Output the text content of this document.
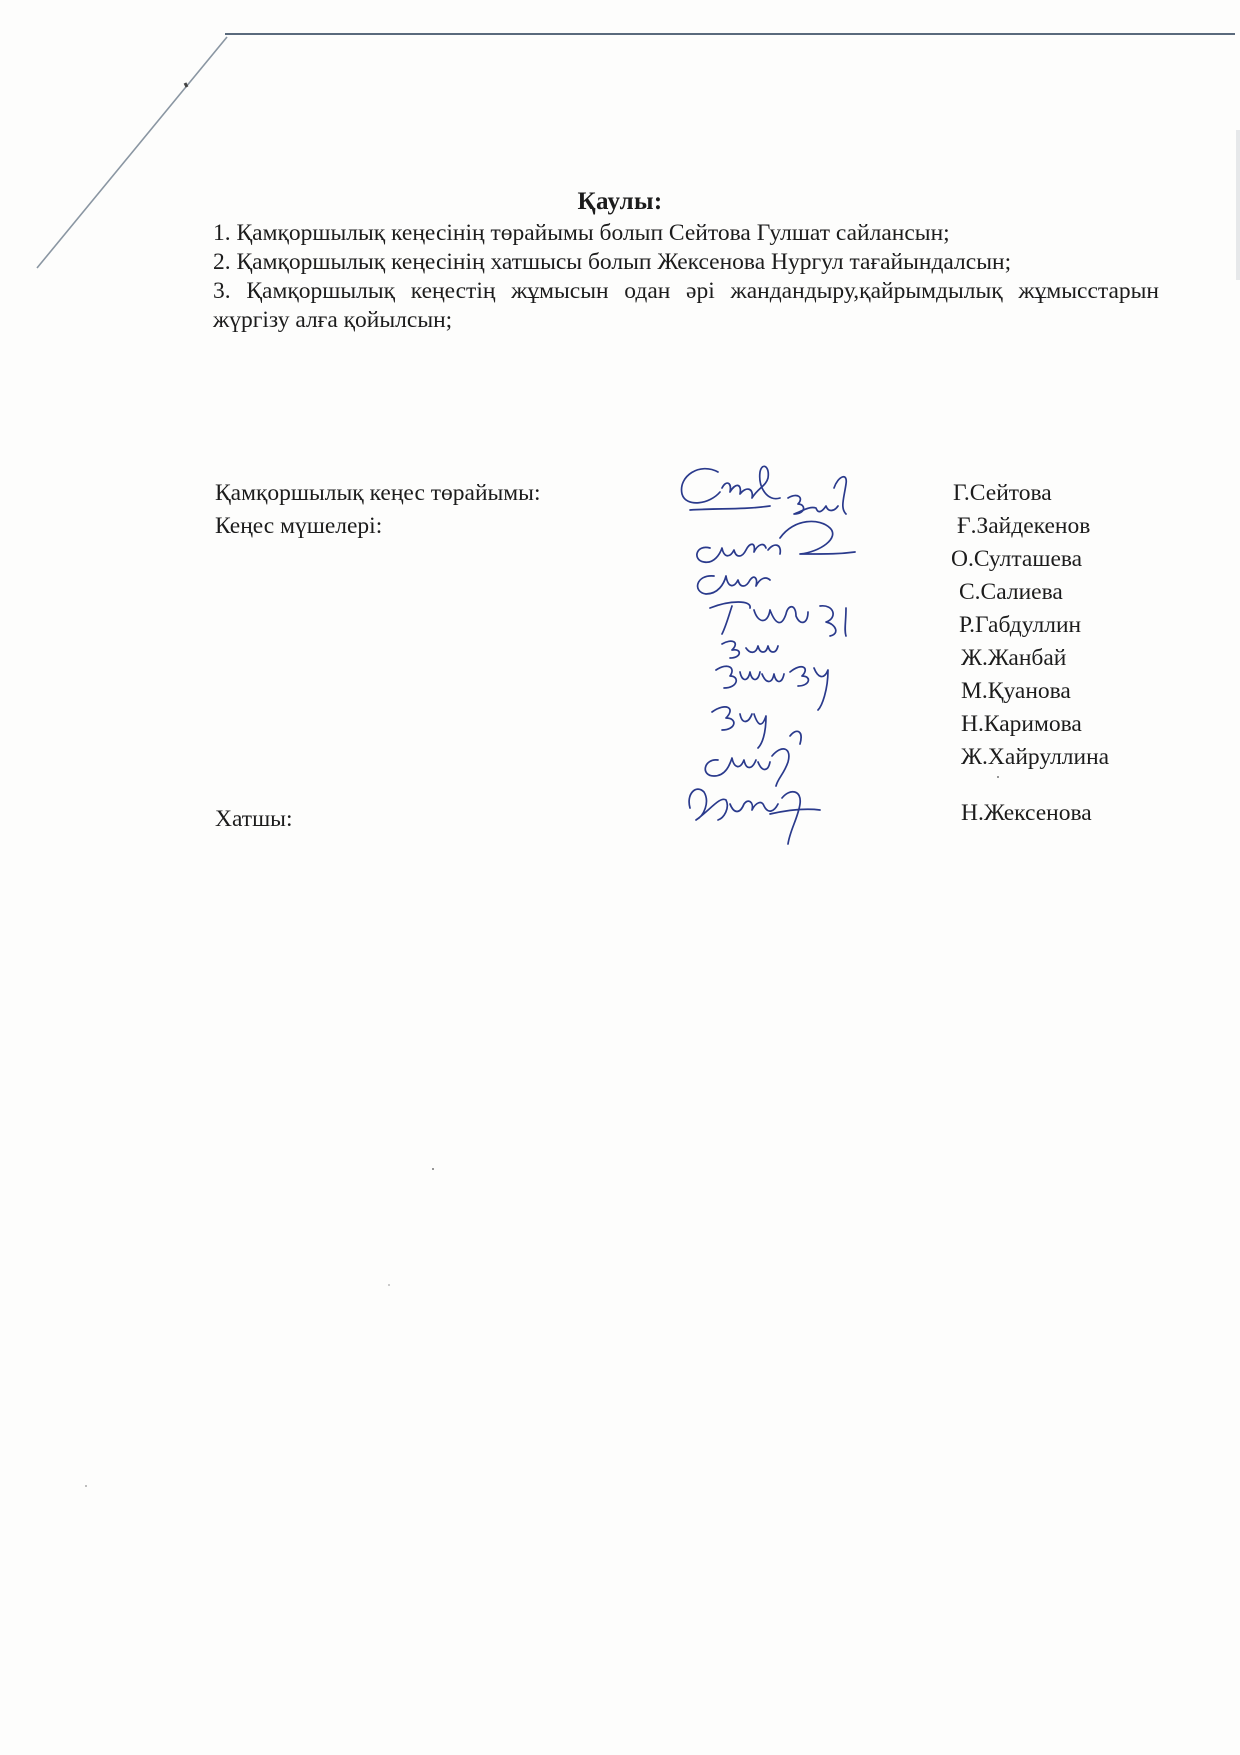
Қаулы:

1. Қамқоршылық кеңесінің төрайымы болып Сейтова Гулшат сайлансын;

2. Қамқоршылық кеңесінің хатшысы болып Жексенова Нургул тағайындалсын;

3. Қамқоршылық кеңестің жұмысын одан әрі жандандыру,қайрымдылық жұмысстарын жүргізу алға қойылсын;

Қамқоршылық кеңес төрайымы:
Кеңес мүшелері:
Хатшы:
Г.Сейтова
Ғ.Зайдекенов
О.Султашева
С.Салиева
Р.Габдуллин
Ж.Жанбай
М.Қуанова
Н.Каримова
Ж.Хайруллина
Н.Жексенова
